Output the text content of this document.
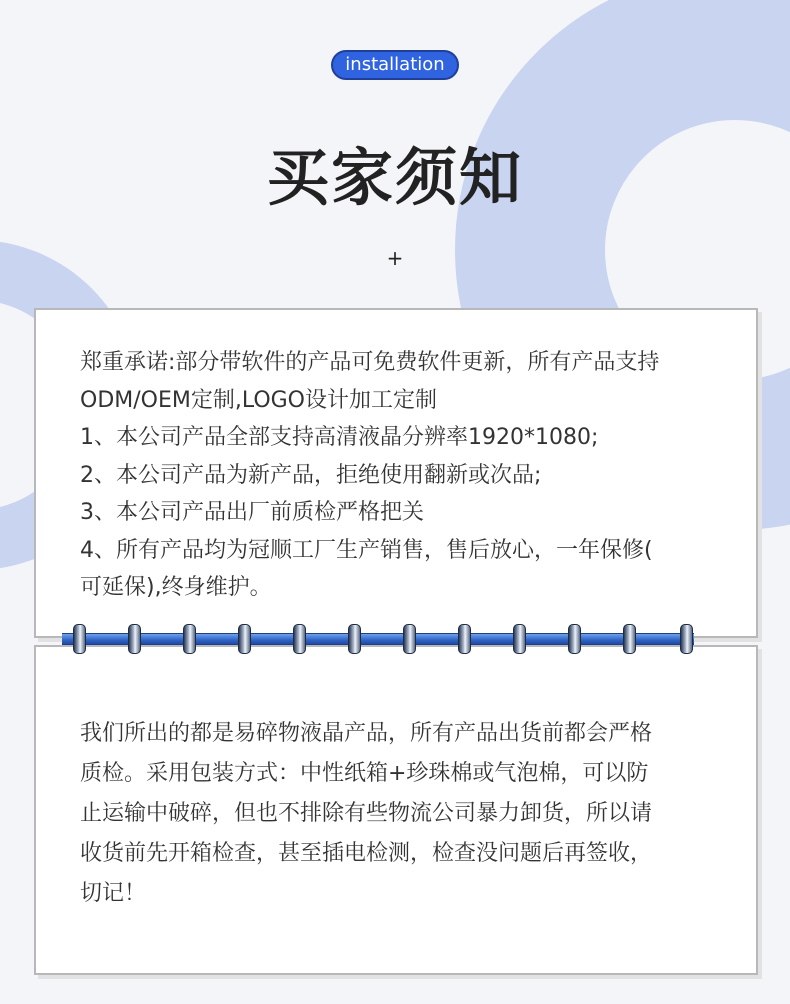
installation
买家须知
+
郑重承诺:部分带软件的产品可免费软件更新，所有产品支持
ODM/OEM定制,LOGO设计加工定制
1、本公司产品全部支持高清液晶分辨率1920*1080;
2、本公司产品为新产品，拒绝使用翻新或次品;
3、本公司产品出厂前质检严格把关
4、所有产品均为冠顺工厂生产销售，售后放心，一年保修(
可延保),终身维护。
我们所出的都是易碎物液晶产品，所有产品出货前都会严格
质检。采用包装方式：中性纸箱+珍珠棉或气泡棉，可以防
止运输中破碎，但也不排除有些物流公司暴力卸货，所以请
收货前先开箱检查，甚至插电检测，检查没问题后再签收，
切记！
